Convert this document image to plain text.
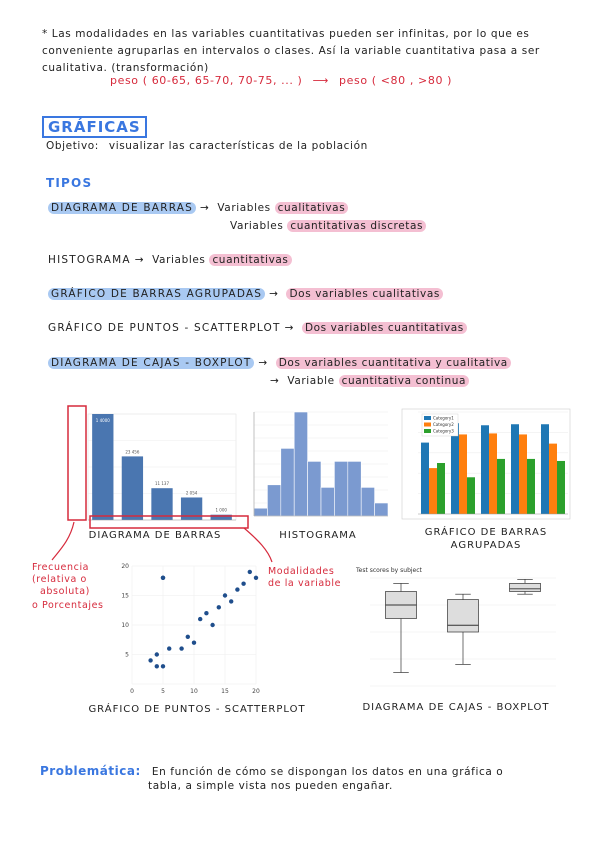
* Las modalidades en las variables cuantitativas pueden ser infinitas, por lo que es
conveniente agruparlas en intervalos o clases. Así la variable cuantitativa pasa a ser
cualitativa. (transformación)
peso ( 60-65, 65-70, 70-75, ... ) ⟶ peso ( <80 , >80 )
GRÁFICAS
Objetivo: visualizar las características de la población
TIPOS
DIAGRAMA DE BARRAS → Variables cualitativas
Variables cuantitativas discretas
HISTOGRAMA → Variables cuantitativas
GRÁFICO DE BARRAS AGRUPADAS → Dos variables cualitativas
GRÁFICO DE PUNTOS - SCATTERPLOT → Dos variables cuantitativas
DIAGRAMA DE CAJAS - BOXPLOT → Dos variables cuantitativa y cualitativa
→ Variable cuantitativa continua
1 4000
23 456
11 137
2 054
1 000
Category1
Category2
Category3
DIAGRAMA DE BARRAS	HISTOGRAMA	GRÁFICO DE BARRAS
AGRUPADAS
Frecuencia
(relativa o
absoluta)
o Porcentajes
Modalidades
de la variable
0	5	10	15	20
5
10
15
20
Test scores by subject
GRÁFICO DE PUNTOS - SCATTERPLOT	DIAGRAMA DE CAJAS - BOXPLOT
Problemática: En función de cómo se dispongan los datos en una gráfica o
tabla, a simple vista nos pueden engañar.
